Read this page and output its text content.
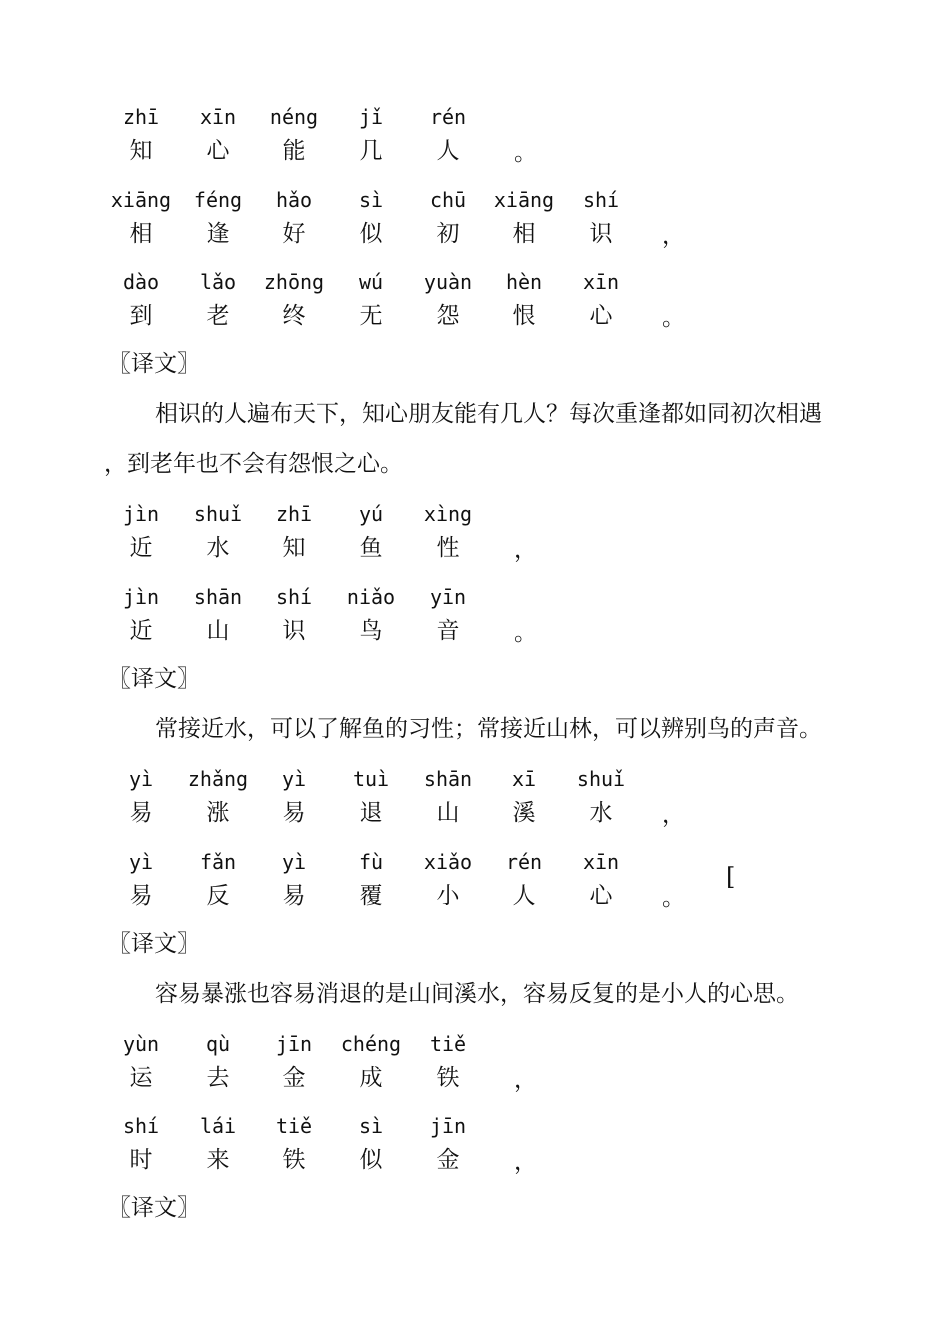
zhī	xīn	néng	jǐ	rén
知	心	能	几	人	。
xiāng	féng	hǎo	sì	chū	xiāng	shí
相	逢	好	似	初	相	识	，
dào	lǎo	zhōng	wú	yuàn	hèn	xīn
到	老	终	无	怨	恨	心	。
〖译文〗
相识的人遍布天下，知心朋友能有几人？每次重逢都如同初次相遇
，到老年也不会有怨恨之心。
jìn	shuǐ	zhī	yú	xìng
近	水	知	鱼	性	，
jìn	shān	shí	niǎo	yīn
近	山	识	鸟	音	。
〖译文〗
常接近水，可以了解鱼的习性；常接近山林，可以辨别鸟的声音。
yì	zhǎng	yì	tuì	shān	xī	shuǐ
易	涨	易	退	山	溪	水	，
yì	fǎn	yì	fù	xiǎo	rén	xīn
易	反	易	覆	小	人	心	。
〖译文〗
容易暴涨也容易消退的是山间溪水，容易反复的是小人的心思。
yùn	qù	jīn	chéng	tiě
运	去	金	成	铁	，
shí	lái	tiě	sì	jīn
时	来	铁	似	金	，
〖译文〗
[
